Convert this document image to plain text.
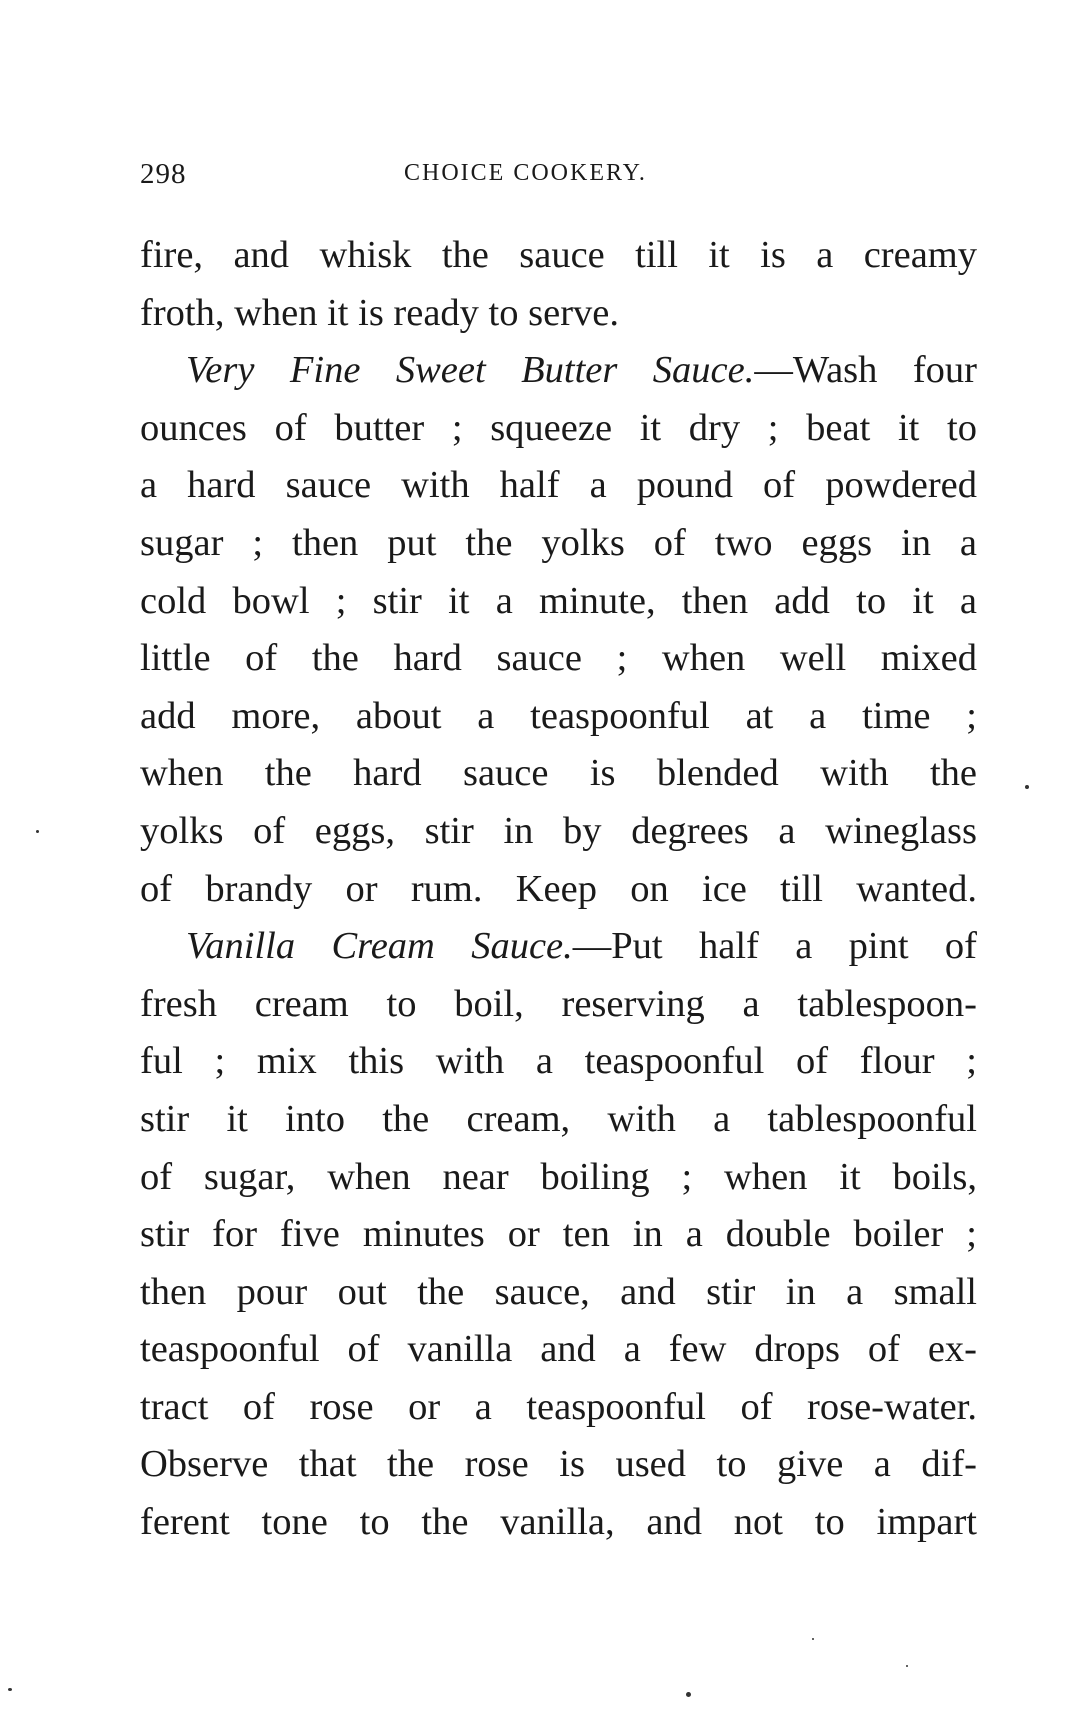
298	CHOICE COOKERY.
fire, and whisk the sauce till it is a creamy
froth, when it is ready to serve.
Very Fine Sweet Butter Sauce.—Wash four
ounces of butter ; squeeze it dry ; beat it to
a hard sauce with half a pound of powdered
sugar ; then put the yolks of two eggs in a
cold bowl ; stir it a minute, then add to it a
little of the hard sauce ; when well mixed
add more, about a teaspoonful at a time ;
when the hard sauce is blended with the
yolks of eggs, stir in by degrees a wineglass
of brandy or rum. Keep on ice till wanted.
Vanilla Cream Sauce.—Put half a pint of
fresh cream to boil, reserving a tablespoon-
ful ; mix this with a teaspoonful of flour ;
stir it into the cream, with a tablespoonful
of sugar, when near boiling ; when it boils,
stir for five minutes or ten in a double boiler ;
then pour out the sauce, and stir in a small
teaspoonful of vanilla and a few drops of ex-
tract of rose or a teaspoonful of rose-water.
Observe that the rose is used to give a dif-
ferent tone to the vanilla, and not to impart
